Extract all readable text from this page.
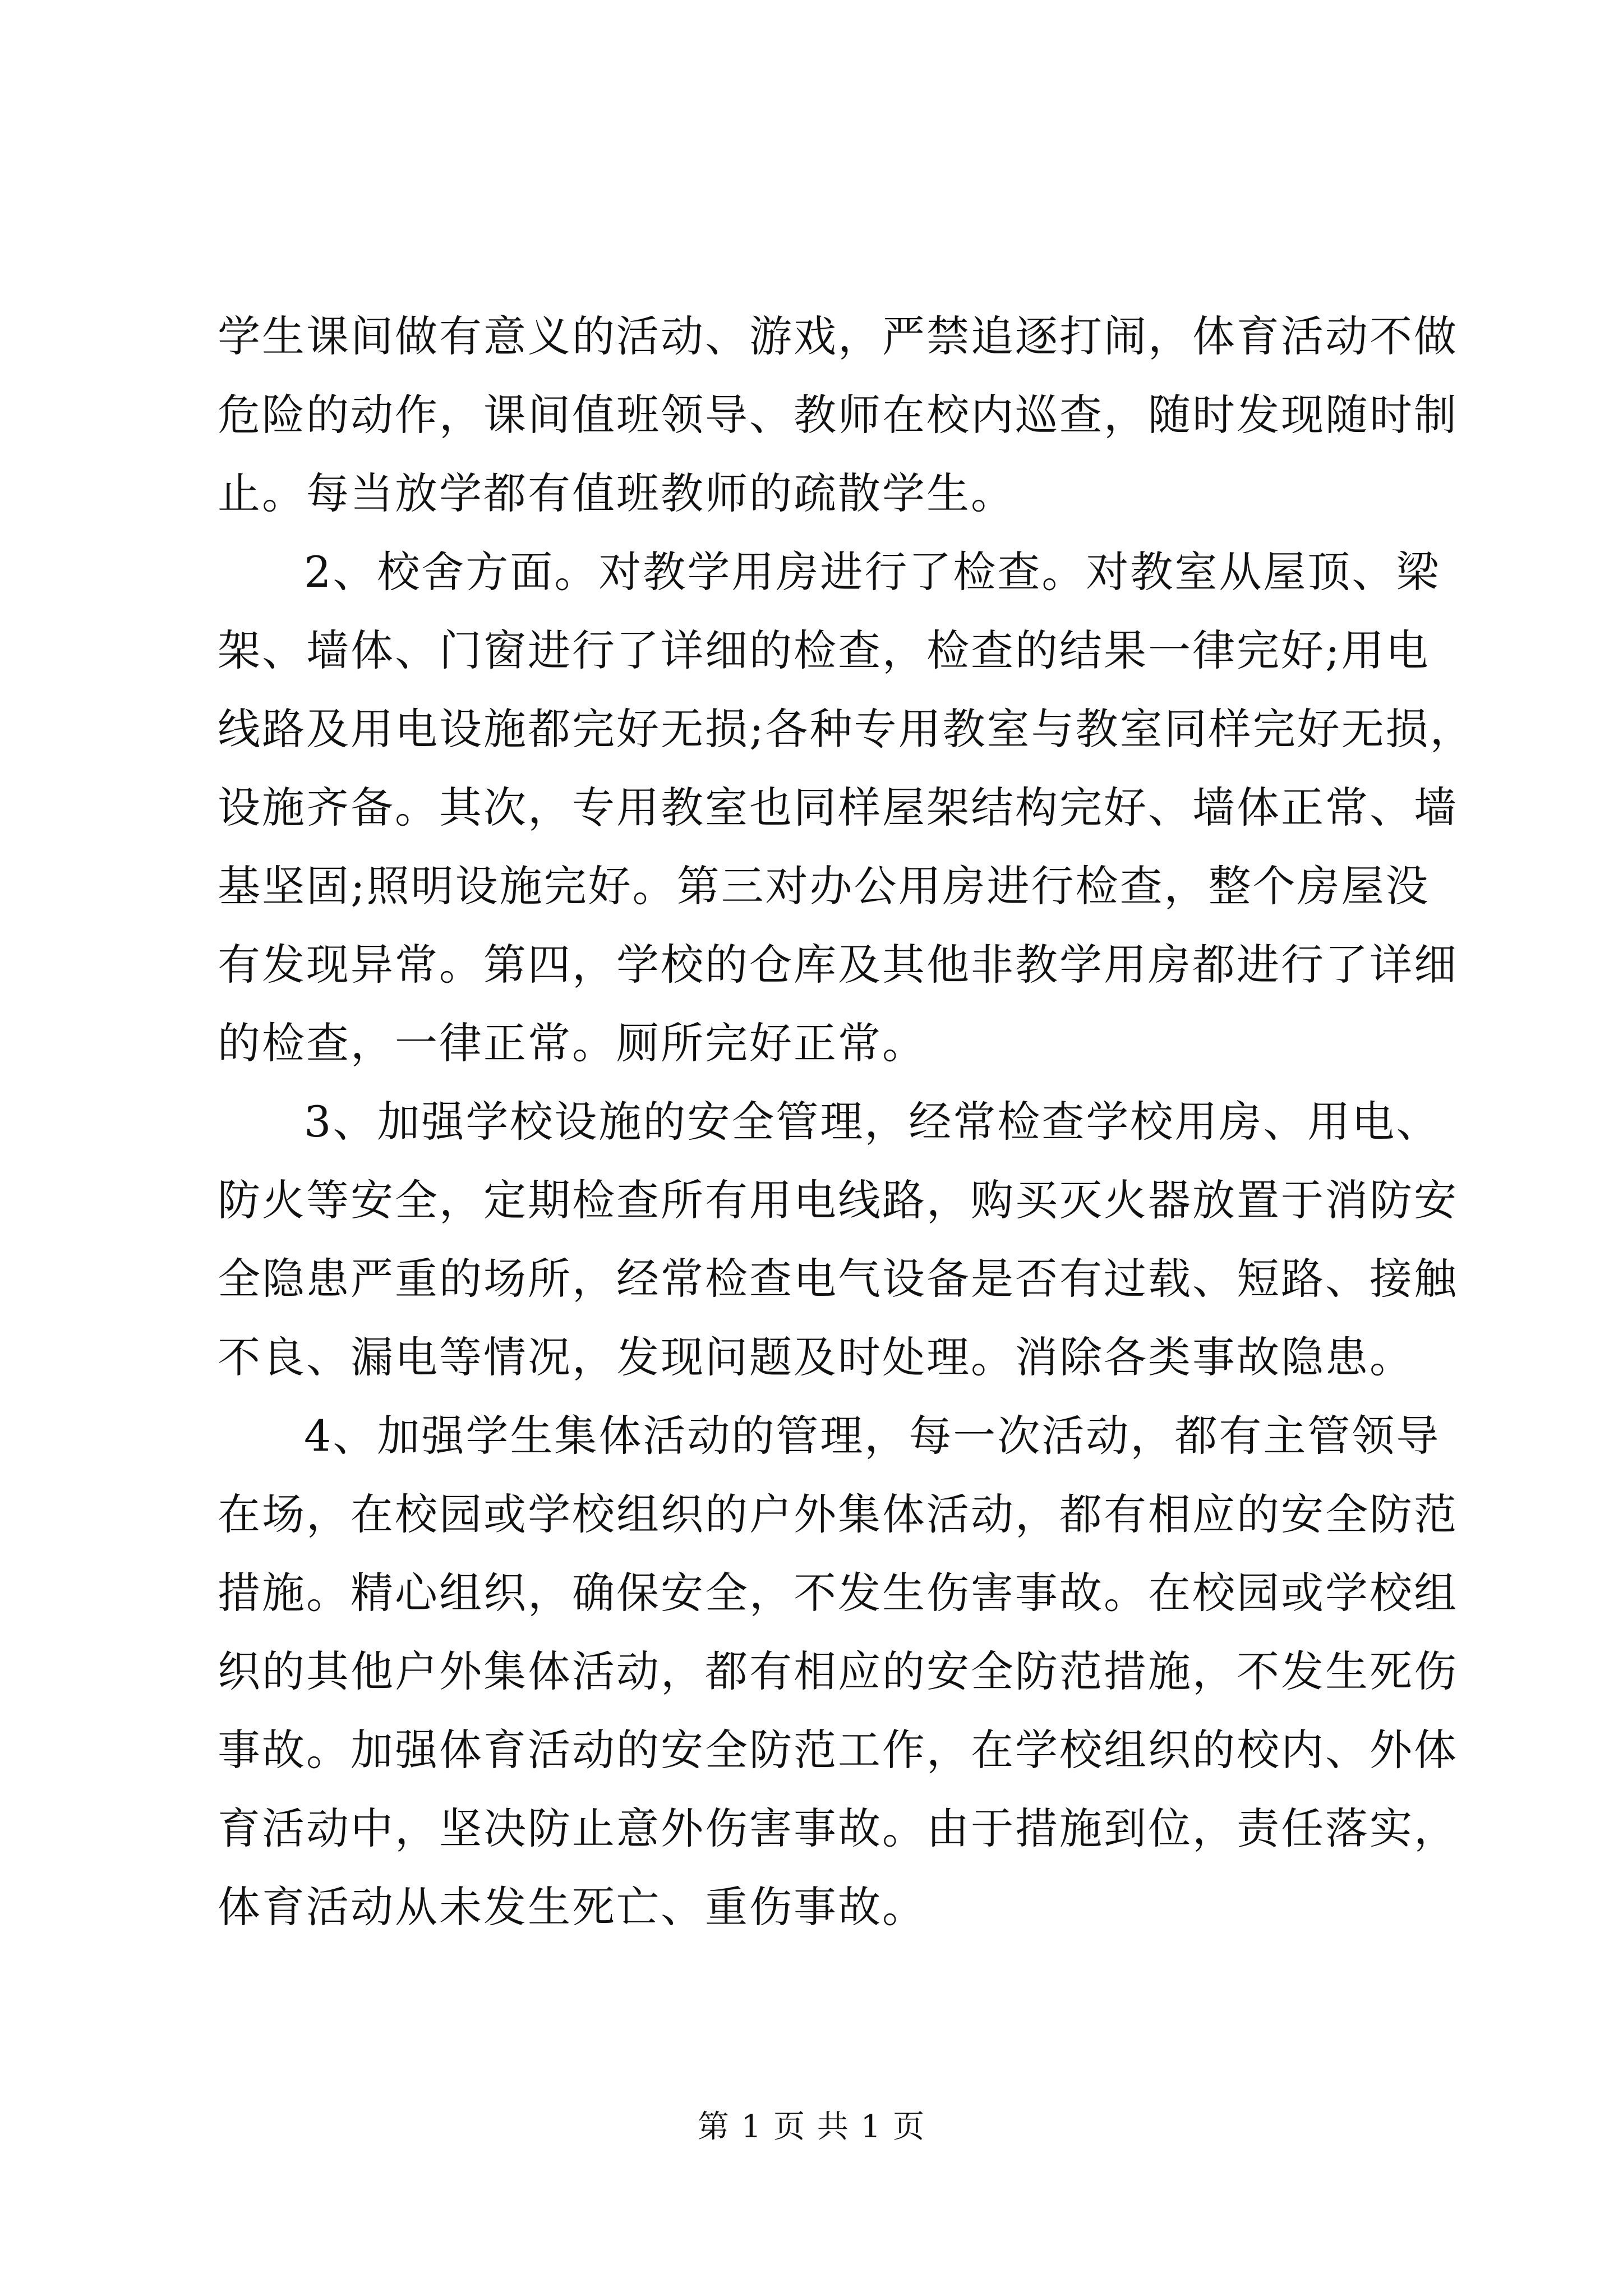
学生课间做有意义的活动、游戏，严禁追逐打闹，体育活动不做
危险的动作，课间值班领导、教师在校内巡查，随时发现随时制
止。每当放学都有值班教师的疏散学生。
2、校舍方面。对教学用房进行了检查。对教室从屋顶、梁
架、墙体、门窗进行了详细的检查，检查的结果一律完好;用电
线路及用电设施都完好无损;各种专用教室与教室同样完好无损，
设施齐备。其次，专用教室也同样屋架结构完好、墙体正常、墙
基坚固;照明设施完好。第三对办公用房进行检查，整个房屋没
有发现异常。第四，学校的仓库及其他非教学用房都进行了详细
的检查，一律正常。厕所完好正常。
3、加强学校设施的安全管理，经常检查学校用房、用电、
防火等安全，定期检查所有用电线路，购买灭火器放置于消防安
全隐患严重的场所，经常检查电气设备是否有过载、短路、接触
不良、漏电等情况，发现问题及时处理。消除各类事故隐患。
4、加强学生集体活动的管理，每一次活动，都有主管领导
在场，在校园或学校组织的户外集体活动，都有相应的安全防范
措施。精心组织，确保安全，不发生伤害事故。在校园或学校组
织的其他户外集体活动，都有相应的安全防范措施，不发生死伤
事故。加强体育活动的安全防范工作，在学校组织的校内、外体
育活动中，坚决防止意外伤害事故。由于措施到位，责任落实，
体育活动从未发生死亡、重伤事故。
第 1 页 共 1 页
